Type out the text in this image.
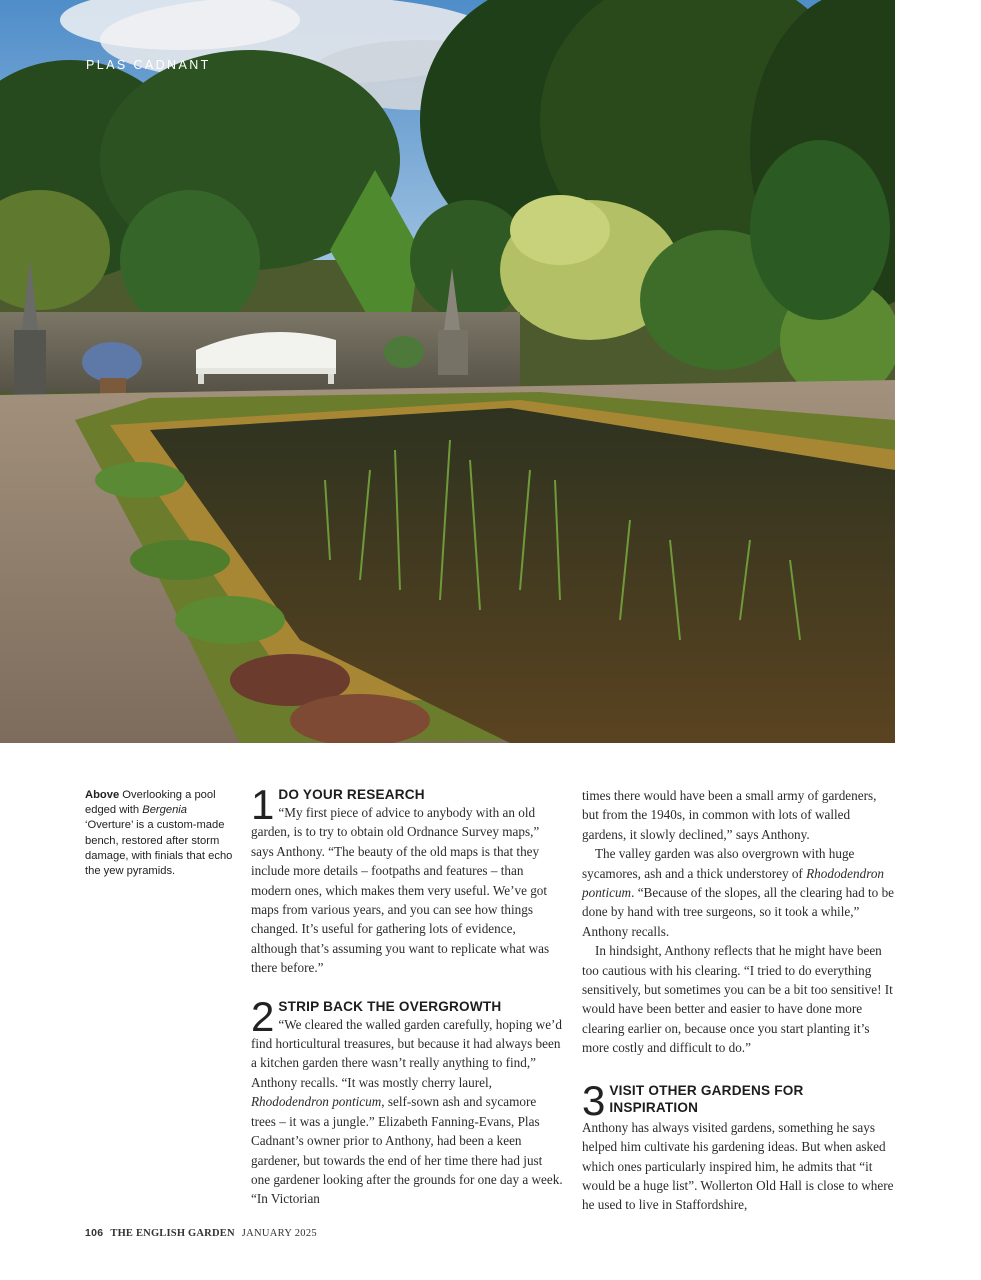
PLAS CADNANT
Above Overlooking a pool edged with Bergenia ‘Overture’ is a custom-made bench, restored after storm damage, with finials that echo the yew pyramids.
1 DO YOUR RESEARCH

“My first piece of advice to anybody with an old garden, is to try to obtain old Ordnance Survey maps,” says Anthony. “The beauty of the old maps is that they include more details – footpaths and features – than modern ones, which makes them very useful. We’ve got maps from various years, and you can see how things changed. It’s useful for gathering lots of evidence, although that’s assuming you want to replicate what was there before.”

2 STRIP BACK THE OVERGROWTH

“We cleared the walled garden carefully, hoping we’d find horticultural treasures, but because it had always been a kitchen garden there wasn’t really anything to find,” Anthony recalls. “It was mostly cherry laurel, Rhododendron ponticum, self-sown ash and sycamore trees – it was a jungle.” Elizabeth Fanning-Evans, Plas Cadnant’s owner prior to Anthony, had been a keen gardener, but towards the end of her time there had just one gardener looking after the grounds for one day a week. “In Victorian

times there would have been a small army of gardeners, but from the 1940s, in common with lots of walled gardens, it slowly declined,” says Anthony.

The valley garden was also overgrown with huge sycamores, ash and a thick understorey of Rhododendron ponticum. “Because of the slopes, all the clearing had to be done by hand with tree surgeons, so it took a while,” Anthony recalls.

In hindsight, Anthony reflects that he might have been too cautious with his clearing. “I tried to do everything sensitively, but sometimes you can be a bit too sensitive! It would have been better and easier to have done more clearing earlier on, because once you start planting it’s more costly and difficult to do.”

3 VISIT OTHER GARDENS FOR INSPIRATION

Anthony has always visited gardens, something he says helped him cultivate his gardening ideas. But when asked which ones particularly inspired him, he admits that “it would be a huge list”. Wollerton Old Hall is close to where he used to live in Staffordshire,

106 THE ENGLISH GARDEN JANUARY 2025
